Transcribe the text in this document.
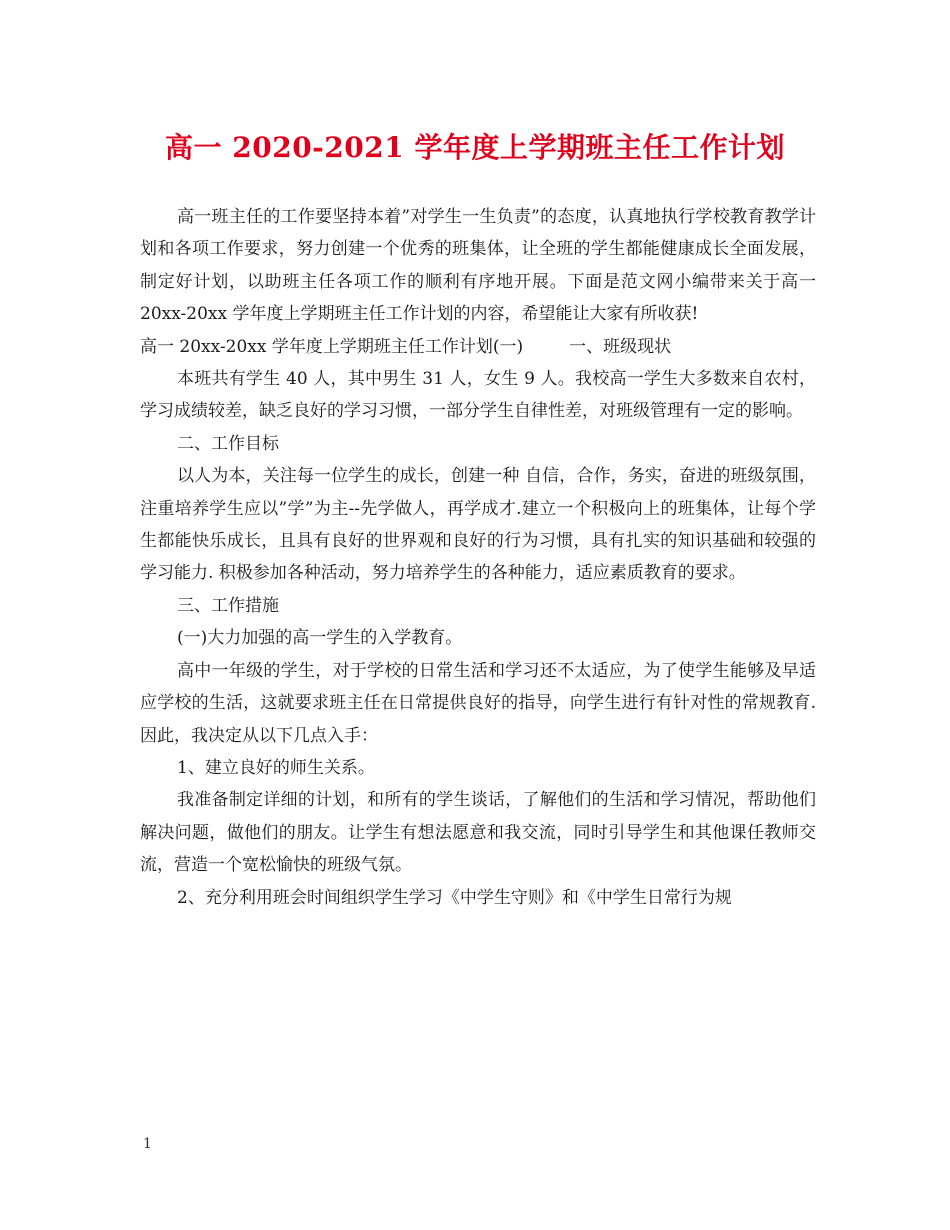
高一 2020-2021 学年度上学期班主任工作计划

高一班主任的工作要坚持本着”对学生一生负责”的态度，认真地执行学校教育教学计划和各项工作要求，努力创建一个优秀的班集体，让全班的学生都能健康成长全面发展，制定好计划，以助班主任各项工作的顺利有序地开展。下面是范文网小编带来关于高一 20xx-20xx 学年度上学期班主任工作计划的内容，希望能让大家有所收获!

高一 20xx-20xx 学年度上学期班主任工作计划(一)	一、班级现状

本班共有学生 40 人，其中男生 31 人，女生 9 人。我校高一学生大多数来自农村，学习成绩较差，缺乏良好的学习习惯，一部分学生自律性差，对班级管理有一定的影响。

二、工作目标

以人为本，关注每一位学生的成长，创建一种 自信，合作，务实，奋进的班级氛围， 注重培养学生应以”学”为主--先学做人，再学成才.建立一个积极向上的班集体，让每个学生都能快乐成长，且具有良好的世界观和良好的行为习惯，具有扎实的知识基础和较强的学习能力. 积极参加各种活动，努力培养学生的各种能力，适应素质教育的要求。

三、工作措施

(一)大力加强的高一学生的入学教育。

高中一年级的学生，对于学校的日常生活和学习还不太适应，为了使学生能够及早适应学校的生活，这就要求班主任在日常提供良好的指导，向学生进行有针对性的常规教育.因此，我决定从以下几点入手：

1、建立良好的师生关系。

我准备制定详细的计划，和所有的学生谈话，了解他们的生活和学习情况，帮助他们解决问题，做他们的朋友。让学生有想法愿意和我交流，同时引导学生和其他课任教师交流，营造一个宽松愉快的班级气氛。

2、充分利用班会时间组织学生学习《中学生守则》和《中学生日常行为规

1
